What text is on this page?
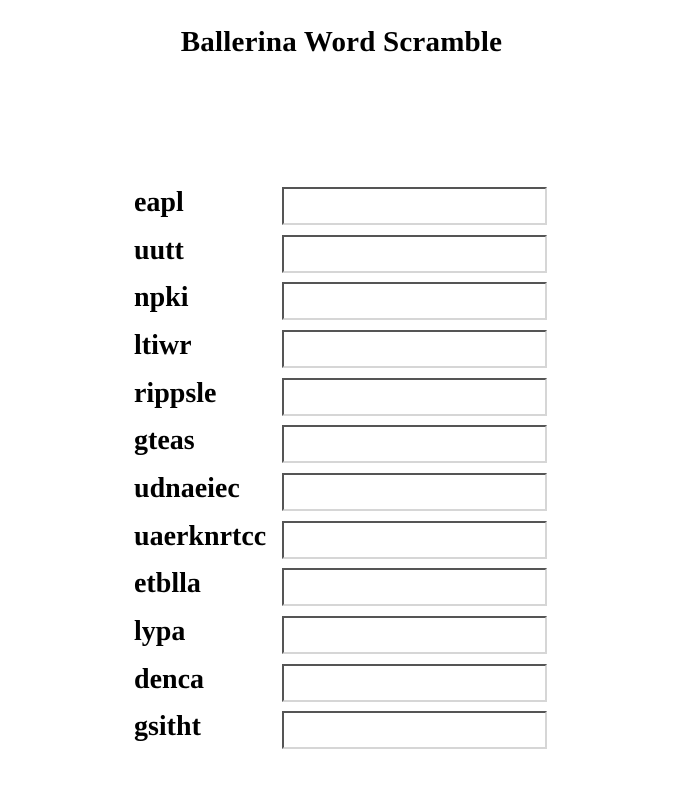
Ballerina Word Scramble
eapl
uutt
npki
ltiwr
rippsle
gteas
udnaeiec
uaerknrtcc
etblla
lypa
denca
gsitht
